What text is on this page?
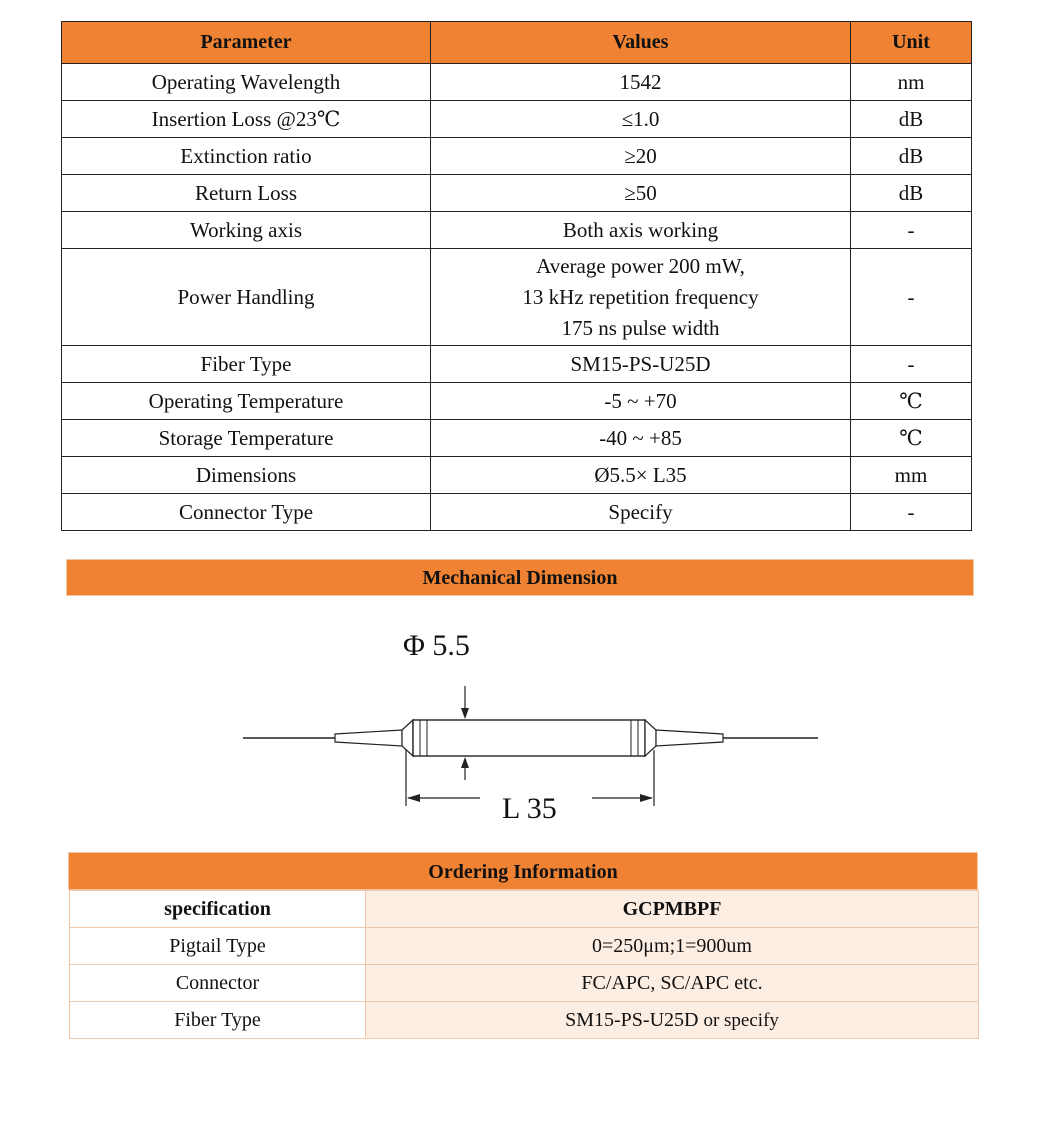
Parameter	Values	Unit
Operating Wavelength	1542	nm
Insertion Loss @23℃	≤1.0	dB
Extinction ratio	≥20	dB
Return Loss	≥50	dB
Working axis	Both axis working	-
Power Handling	Average power 200 mW,
13 kHz repetition frequency
175 ns pulse width	-
Fiber Type	SM15-PS-U25D	-
Operating Temperature	-5 ~ +70	℃
Storage Temperature	-40 ~ +85	℃
Dimensions	Ø5.5× L35	mm
Connector Type	Specify	-
Mechanical Dimension
Φ 5.5
L 35
Ordering Information
specification	GCPMBPF
Pigtail Type	0=250μm;1=900um
Connector	FC/APC, SC/APC etc.
Fiber Type	SM15-PS-U25D or specify
